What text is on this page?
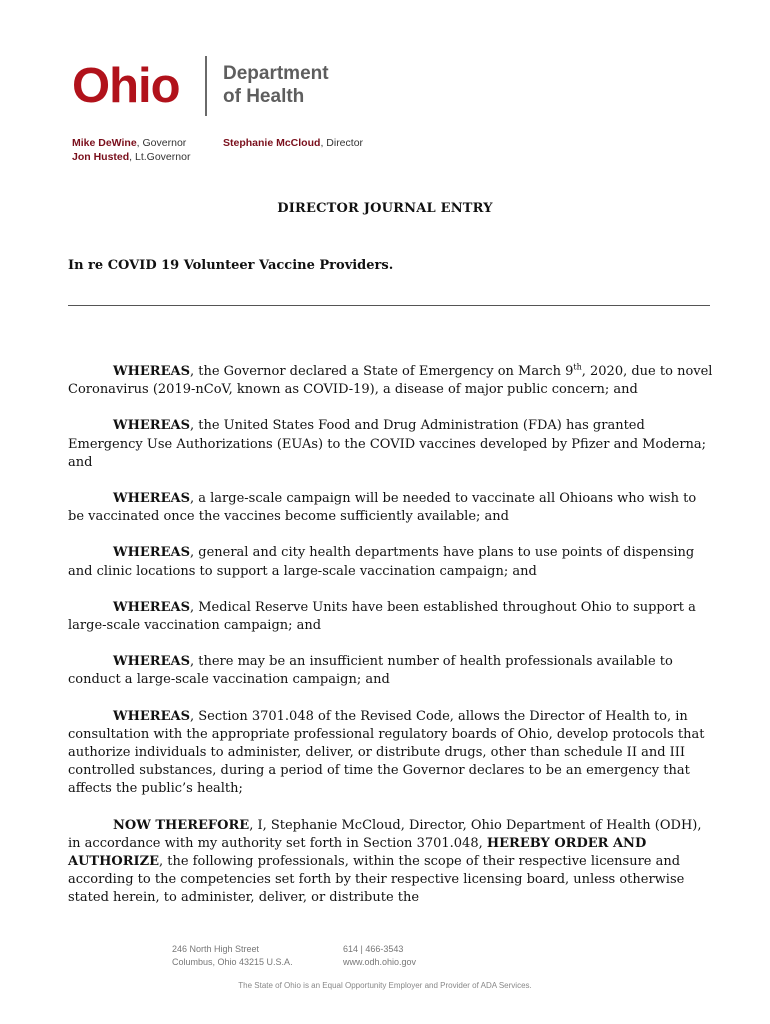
Ohio Department
of Health
Mike DeWine, Governor
Jon Husted, Lt.Governor
Stephanie McCloud, Director
DIRECTOR JOURNAL ENTRY
In re COVID 19 Volunteer Vaccine Providers.

WHEREAS, the Governor declared a State of Emergency on March 9th, 2020, due to novel Coronavirus (2019-nCoV, known as COVID-19), a disease of major public concern; and

WHEREAS, the United States Food and Drug Administration (FDA) has granted Emergency Use Authorizations (EUAs) to the COVID vaccines developed by Pfizer and Moderna; and

WHEREAS, a large-scale campaign will be needed to vaccinate all Ohioans who wish to be vaccinated once the vaccines become sufficiently available; and

WHEREAS, general and city health departments have plans to use points of dispensing and clinic locations to support a large-scale vaccination campaign; and

WHEREAS, Medical Reserve Units have been established throughout Ohio to support a large-scale vaccination campaign; and

WHEREAS, there may be an insufficient number of health professionals available to conduct a large-scale vaccination campaign; and

WHEREAS, Section 3701.048 of the Revised Code, allows the Director of Health to, in consultation with the appropriate professional regulatory boards of Ohio, develop protocols that authorize individuals to administer, deliver, or distribute drugs, other than schedule II and III controlled substances, during a period of time the Governor declares to be an emergency that affects the public’s health;

NOW THEREFORE, I, Stephanie McCloud, Director, Ohio Department of Health (ODH), in accordance with my authority set forth in Section 3701.048, HEREBY ORDER AND AUTHORIZE, the following professionals, within the scope of their respective licensure and according to the competencies set forth by their respective licensing board, unless otherwise stated herein, to administer, deliver, or distribute the

246 North High Street
Columbus, Ohio 43215 U.S.A.
614 | 466-3543
www.odh.ohio.gov
The State of Ohio is an Equal Opportunity Employer and Provider of ADA Services.
